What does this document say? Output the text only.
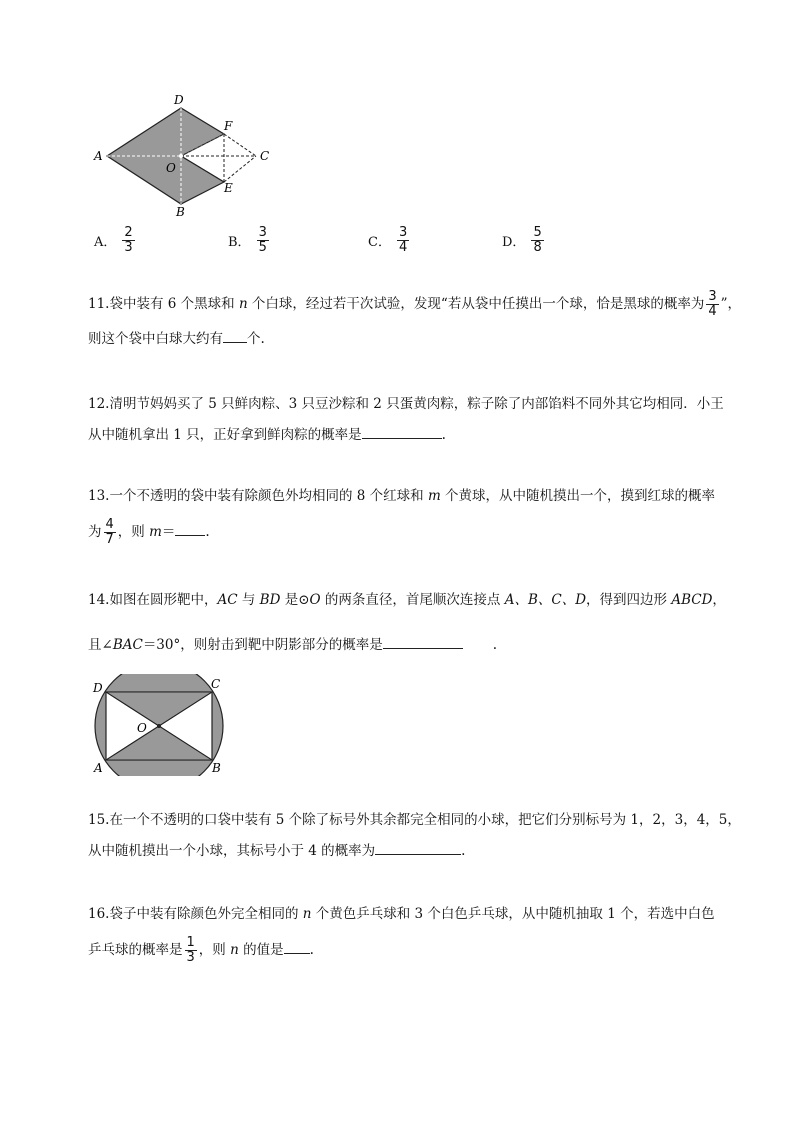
A
D
F
C
O
E
B
A． $\frac{2}{3}$	B． $\frac{3}{5}$	C． $\frac{3}{4}$	D． $\frac{5}{8}$
11.袋中装有 6 个黑球和 n 个白球，经过若干次试验，发现“若从袋中任摸出一个球，恰是黑球的概率为 $\frac{3}{4}$ ”，
则这个袋中白球大约有 个.
12.清明节妈妈买了 5 只鲜肉粽、3 只豆沙粽和 2 只蛋黄肉粽，粽子除了内部馅料不同外其它均相同．小王
从中随机拿出 1 只，正好拿到鲜肉粽的概率是	.
13.一个不透明的袋中装有除颜色外均相同的 8 个红球和 m 个黄球，从中随机摸出一个，摸到红球的概率
为 $\frac{4}{7}$ ，则 m＝ .
14.如图在圆形靶中，AC 与 BD 是⊙O 的两条直径，首尾顺次连接点 A、B、C、D，得到四边形 ABCD，
且∠BAC＝30°，则射击到靶中阴影部分的概率是	.
D	C
O
A	B
15.在一个不透明的口袋中装有 5 个除了标号外其余都完全相同的小球，把它们分别标号为 1，2，3，4，5，
从中随机摸出一个小球，其标号小于 4 的概率为	.
16.袋子中装有除颜色外完全相同的 n 个黄色乒乓球和 3 个白色乒乓球，从中随机抽取 1 个，若选中白色
乒乓球的概率是 $\frac{1}{3}$ ，则 n 的值是 .
